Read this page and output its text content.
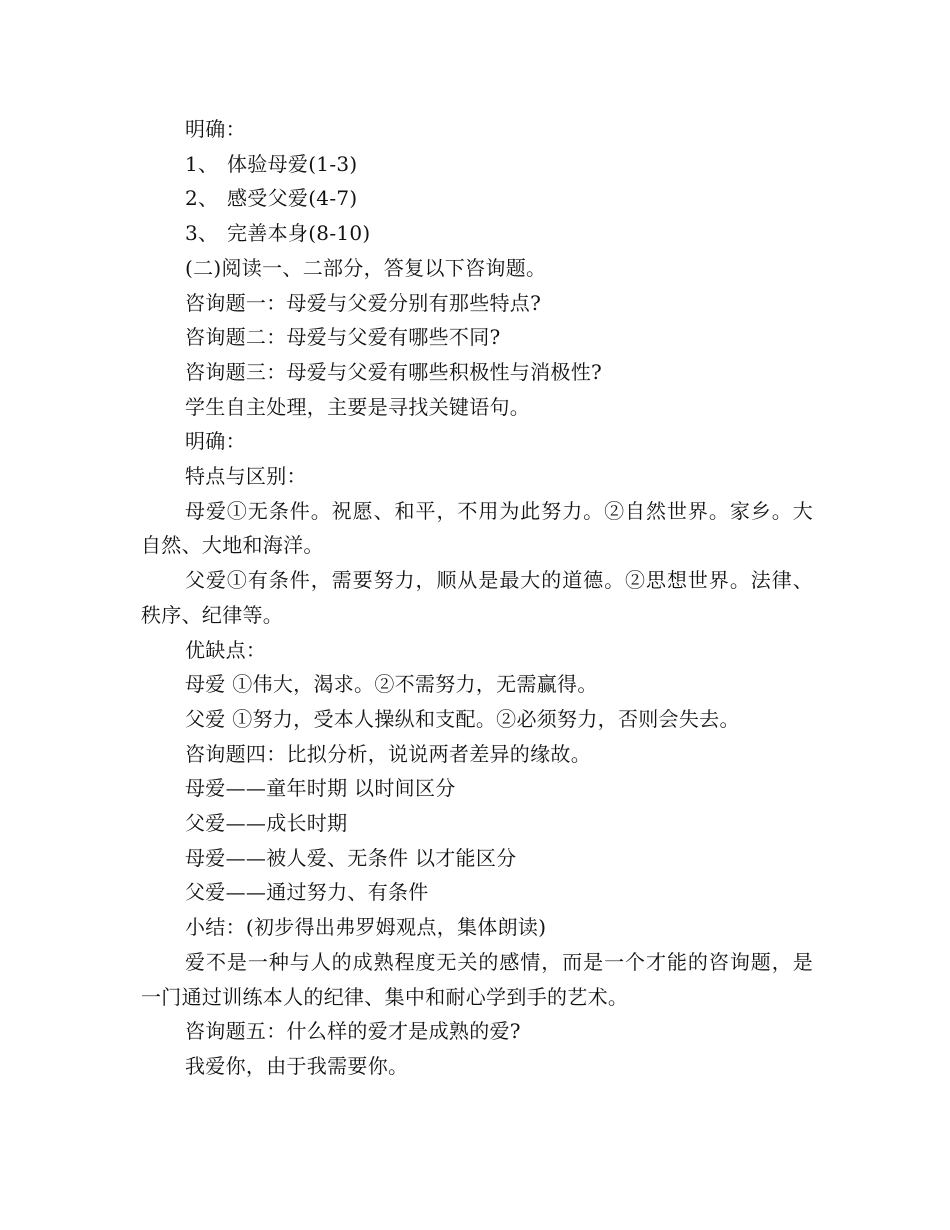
明确：
1、 体验母爱(1-3)
2、 感受父爱(4-7)
3、 完善本身(8-10)
(二)阅读一、二部分，答复以下咨询题。
咨询题一：母爱与父爱分别有那些特点?
咨询题二：母爱与父爱有哪些不同?
咨询题三：母爱与父爱有哪些积极性与消极性?
学生自主处理，主要是寻找关键语句。
明确：
特点与区别：
母爱①无条件。祝愿、和平，不用为此努力。②自然世界。家乡。大自然、大地和海洋。
父爱①有条件，需要努力，顺从是最大的道德。②思想世界。法律、秩序、纪律等。
优缺点：
母爱 ①伟大，渴求。②不需努力，无需赢得。
父爱 ①努力，受本人操纵和支配。②必须努力，否则会失去。
咨询题四：比拟分析，说说两者差异的缘故。
母爱——童年时期 以时间区分
父爱——成长时期
母爱——被人爱、无条件 以才能区分
父爱——通过努力、有条件
小结：(初步得出弗罗姆观点，集体朗读)
爱不是一种与人的成熟程度无关的感情，而是一个才能的咨询题，是一门通过训练本人的纪律、集中和耐心学到手的艺术。
咨询题五：什么样的爱才是成熟的爱?
我爱你，由于我需要你。
